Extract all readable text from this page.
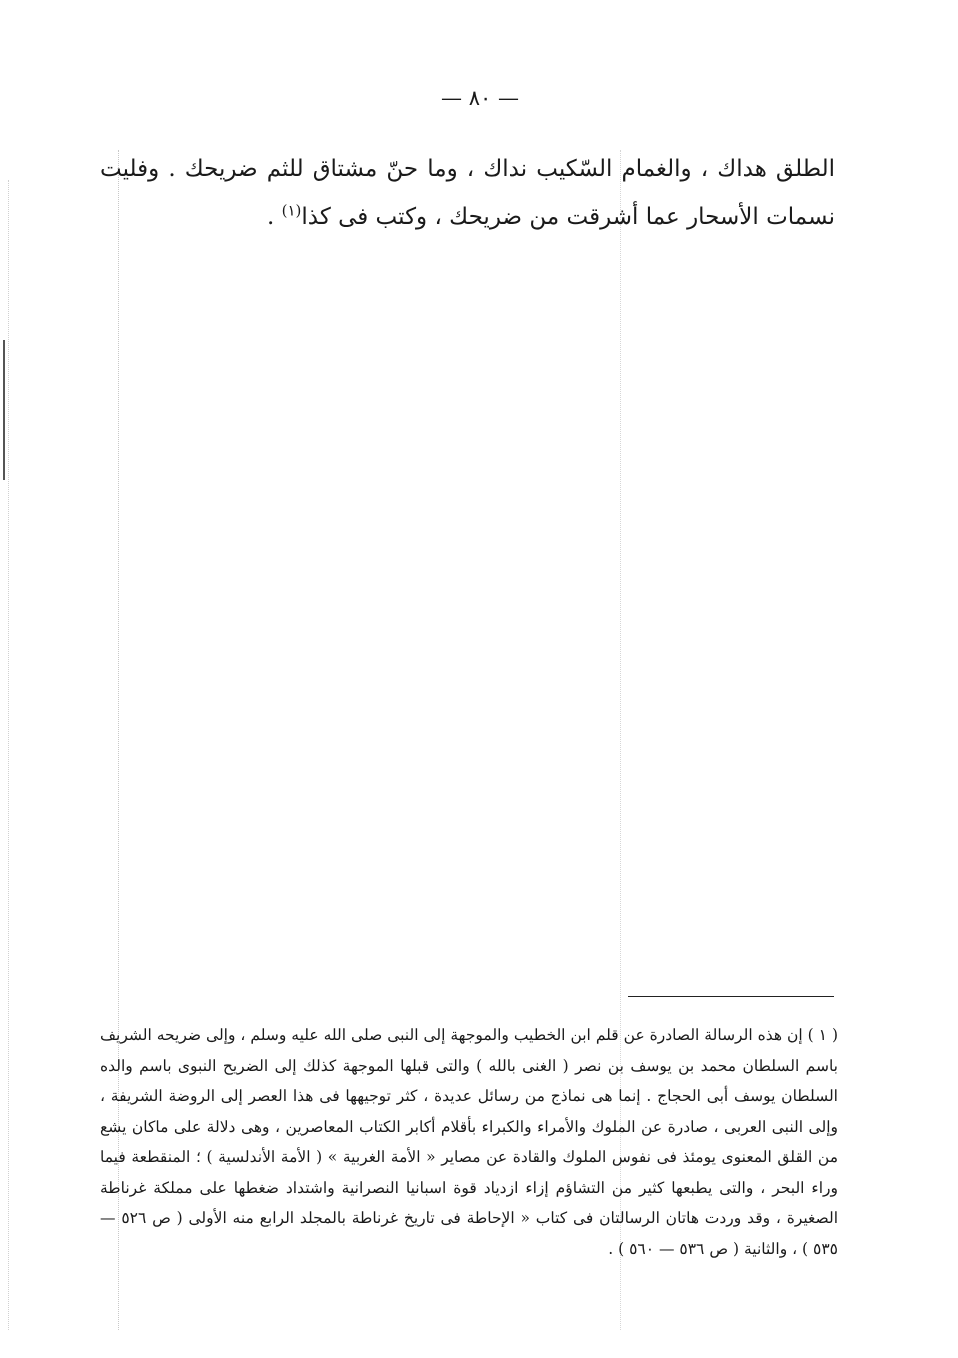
— ٨٠ —

الطلق هداك ، والغمام السّكيب نداك ، وما حنّ مشتاق للثم ضريحك . وفليت نسمات الأسحار عما أشرقت من ضريحك ، وكتب فى كذا$^{(١)}$ .

( ١ ) إن هذه الرسالة الصادرة عن قلم ابن الخطيب والموجهة إلى النبى صلى الله عليه وسلم ، وإلى ضريحه الشريف باسم السلطان محمد بن يوسف بن نصر ( الغنى بالله ) والتى قبلها الموجهة كذلك إلى الضريح النبوى باسم والده السلطان يوسف أبى الحجاج . إنما هى نماذج من رسائل عديدة ، كثر توجيهها فى هذا العصر إلى الروضة الشريفة ، وإلى النبى العربى ، صادرة عن الملوك والأمراء والكبراء بأقلام أكابر الكتاب المعاصرين ، وهى دلالة على ماكان يشع من القلق المعنوى يومئذ فى نفوس الملوك والقادة عن مصاير « الأمة الغربية » ( الأمة الأندلسية ) ؛ المنقطعة فيما وراء البحر ، والتى يطبعها كثير من التشاؤم إزاء ازدياد قوة اسبانيا النصرانية واشتداد ضغطها على مملكة غرناطة الصغيرة ، وقد وردت هاتان الرسالتان فى كتاب « الإحاطة فى تاريخ غرناطة بالمجلد الرابع منه الأولى ( ص ٥٢٦ — ٥٣٥ ) ، والثانية ( ص ٥٣٦ — ٥٦٠ ) .
